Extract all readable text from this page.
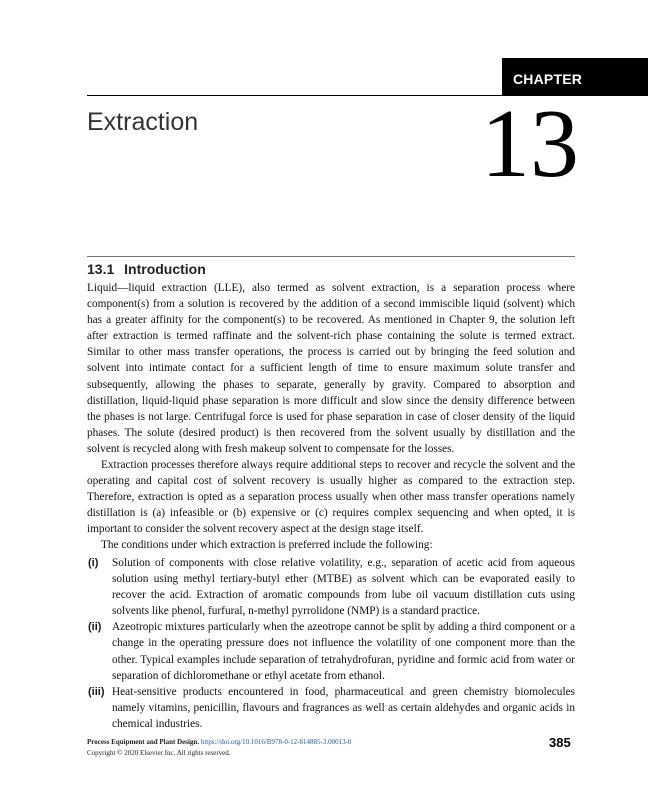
CHAPTER
Extraction	13
13.1 Introduction

Liquid—liquid extraction (LLE), also termed as solvent extraction, is a separation process where component(s) from a solution is recovered by the addition of a second immiscible liquid (solvent) which has a greater affinity for the component(s) to be recovered. As mentioned in Chapter 9, the solution left after extraction is termed raffinate and the solvent-rich phase containing the solute is termed extract. Similar to other mass transfer operations, the process is carried out by bringing the feed solution and solvent into intimate contact for a sufficient length of time to ensure maximum solute transfer and subsequently, allowing the phases to separate, generally by gravity. Compared to absorption and distillation, liquid-liquid phase separation is more difficult and slow since the density difference between the phases is not large. Centrifugal force is used for phase separation in case of closer density of the liquid phases. The solute (desired product) is then recovered from the solvent usually by distillation and the solvent is recycled along with fresh makeup solvent to compensate for the losses.

Extraction processes therefore always require additional steps to recover and recycle the solvent and the operating and capital cost of solvent recovery is usually higher as compared to the extraction step. Therefore, extraction is opted as a separation process usually when other mass transfer operations namely distillation is (a) infeasible or (b) expensive or (c) requires complex sequencing and when opted, it is important to consider the solvent recovery aspect at the design stage itself.

The conditions under which extraction is preferred include the following:

(i) Solution of components with close relative volatility, e.g., separation of acetic acid from aqueous solution using methyl tertiary-butyl ether (MTBE) as solvent which can be evaporated easily to recover the acid. Extraction of aromatic compounds from lube oil vacuum distillation cuts using solvents like phenol, furfural, n-methyl pyrrolidone (NMP) is a standard practice.
(ii) Azeotropic mixtures particularly when the azeotrope cannot be split by adding a third component or a change in the operating pressure does not influence the volatility of one component more than the other. Typical examples include separation of tetrahydrofuran, pyridine and formic acid from water or separation of dichloromethane or ethyl acetate from ethanol.
(iii) Heat-sensitive products encountered in food, pharmaceutical and green chemistry biomolecules namely vitamins, penicillin, flavours and fragrances as well as certain aldehydes and organic acids in chemical industries.
Process Equipment and Plant Design. https://doi.org/10.1016/B978-0-12-814885-3.00013-0
Copyright © 2020 Elsevier Inc. All rights reserved.
385
